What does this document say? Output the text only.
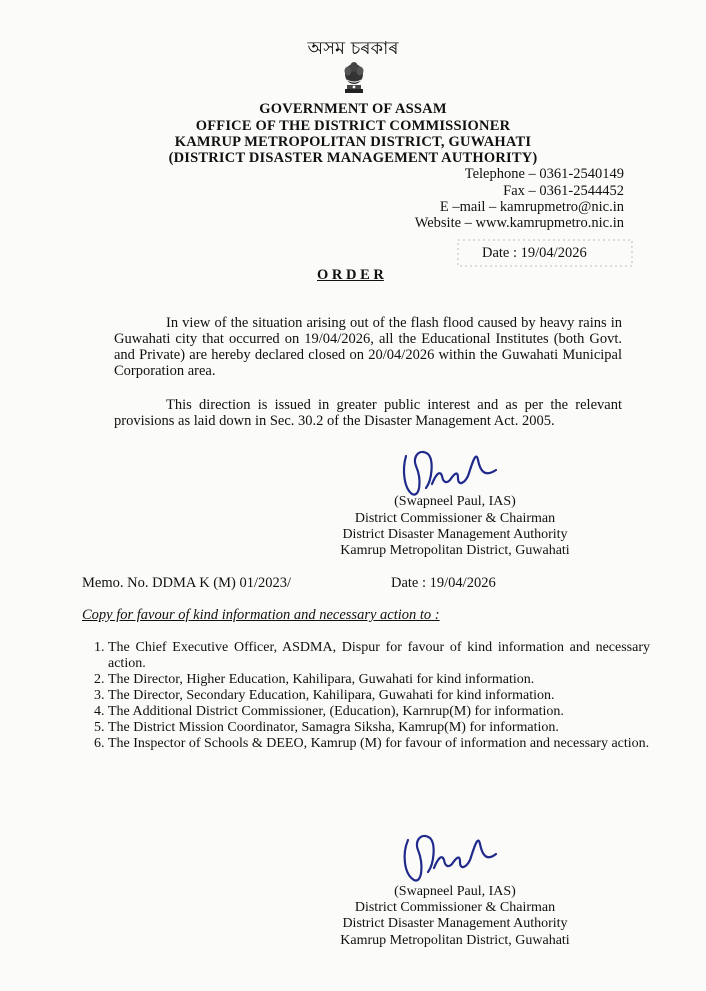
অসম চৰকাৰ
GOVERNMENT OF ASSAM
OFFICE OF THE DISTRICT COMMISSIONER
KAMRUP METROPOLITAN DISTRICT, GUWAHATI
(DISTRICT DISASTER MANAGEMENT AUTHORITY)
Telephone – 0361-2540149
Fax – 0361-2544452
E –mail – kamrupmetro@nic.in
Website – www.kamrupmetro.nic.in
Date : 19/04/2026
O R D E R
In view of the situation arising out of the flash flood caused by heavy rains in Guwahati city that occurred on 19/04/2026, all the Educational Institutes (both Govt. and Private) are hereby declared closed on 20/04/2026 within the Guwahati Municipal Corporation area.
This direction is issued in greater public interest and as per the relevant provisions as laid down in Sec. 30.2 of the Disaster Management Act. 2005.
(Swapneel Paul, IAS)
District Commissioner & Chairman
District Disaster Management Authority
Kamrup Metropolitan District, Guwahati
Memo. No. DDMA K (M) 01/2023/	Date : 19/04/2026
Copy for favour of kind information and necessary action to :
1. The Chief Executive Officer, ASDMA, Dispur for favour of kind information and necessary action.
2. The Director, Higher Education, Kahilipara, Guwahati for kind information.
3. The Director, Secondary Education, Kahilipara, Guwahati for kind information.
4. The Additional District Commissioner, (Education), Karnrup(M) for information.
5. The District Mission Coordinator, Samagra Siksha, Kamrup(M) for information.
6. The Inspector of Schools & DEEO, Kamrup (M) for favour of information and necessary action.
(Swapneel Paul, IAS)
District Commissioner & Chairman
District Disaster Management Authority
Kamrup Metropolitan District, Guwahati
